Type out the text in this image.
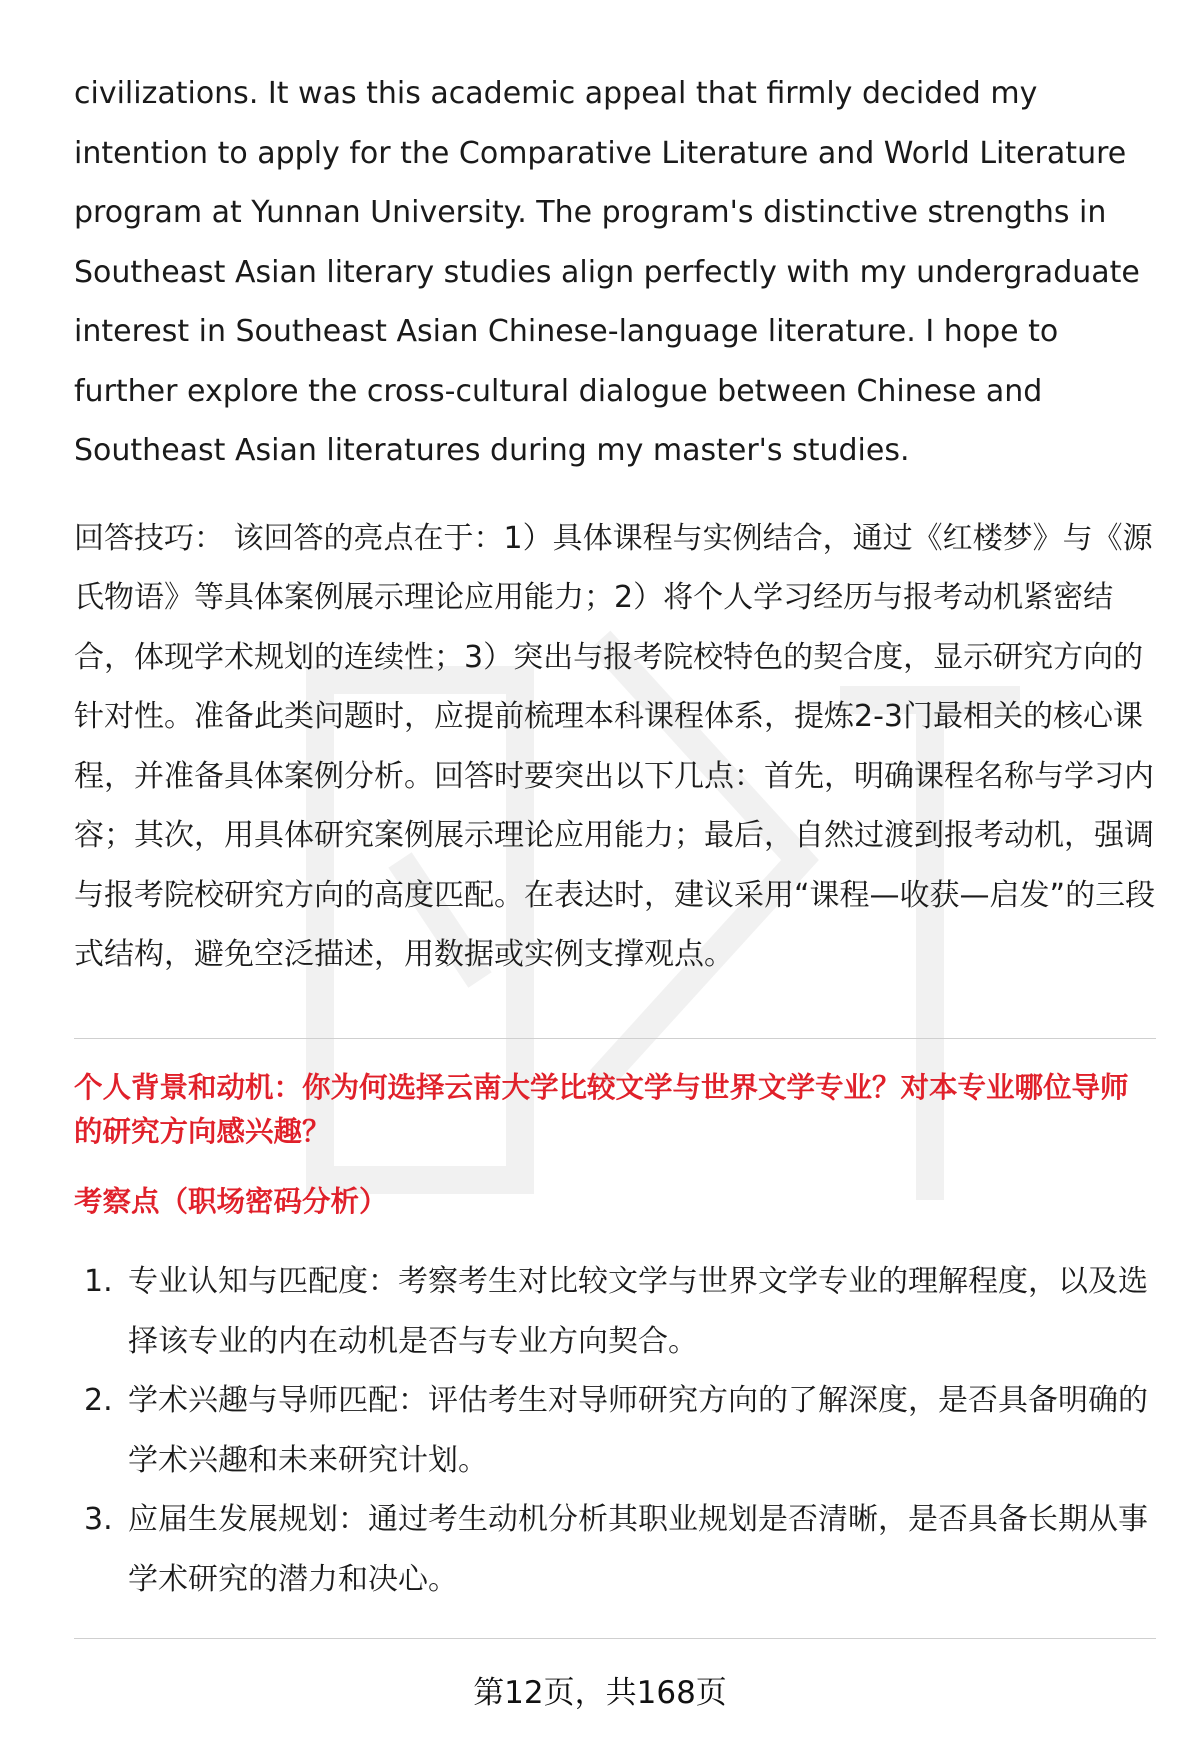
civilizations. It was this academic appeal that firmly decided my intention to apply for the Comparative Literature and World Literature program at Yunnan University. The program's distinctive strengths in Southeast Asian literary studies align perfectly with my undergraduate interest in Southeast Asian Chinese-language literature. I hope to further explore the cross-cultural dialogue between Chinese and Southeast Asian literatures during my master's studies.

回答技巧： 该回答的亮点在于：1）具体课程与实例结合，通过《红楼梦》与《源氏物语》等具体案例展示理论应用能力；2）将个人学习经历与报考动机紧密结合，体现学术规划的连续性；3）突出与报考院校特色的契合度，显示研究方向的针对性。准备此类问题时，应提前梳理本科课程体系，提炼2-3门最相关的核心课程，并准备具体案例分析。回答时要突出以下几点：首先，明确课程名称与学习内容；其次，用具体研究案例展示理论应用能力；最后，自然过渡到报考动机，强调与报考院校研究方向的高度匹配。在表达时，建议采用“课程—收获—启发”的三段式结构，避免空泛描述，用数据或实例支撑观点。

个人背景和动机：你为何选择云南大学比较文学与世界文学专业？对本专业哪位导师的研究方向感兴趣？
考察点（职场密码分析）
1. 专业认知与匹配度：考察考生对比较文学与世界文学专业的理解程度，以及选择该专业的内在动机是否与专业方向契合。
2. 学术兴趣与导师匹配：评估考生对导师研究方向的了解深度，是否具备明确的学术兴趣和未来研究计划。
3. 应届生发展规划：通过考生动机分析其职业规划是否清晰，是否具备长期从事学术研究的潜力和决心。
第12页，共168页
